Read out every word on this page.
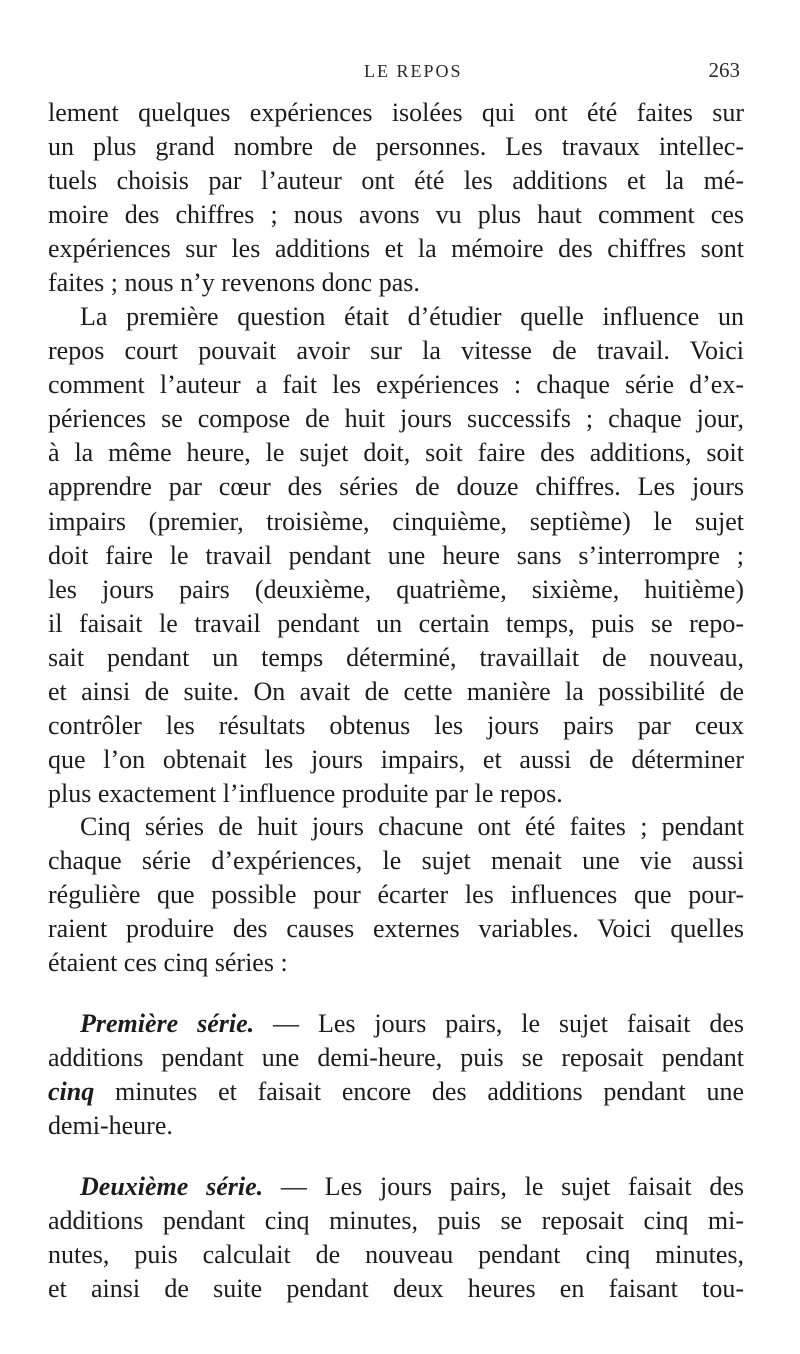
LE REPOS	263
lement quelques expériences isolées qui ont été faites sur
un plus grand nombre de personnes. Les travaux intellec-
tuels choisis par l’auteur ont été les additions et la mé-
moire des chiffres ; nous avons vu plus haut comment ces
expériences sur les additions et la mémoire des chiffres sont
faites ; nous n’y revenons donc pas.
La première question était d’étudier quelle influence un
repos court pouvait avoir sur la vitesse de travail. Voici
comment l’auteur a fait les expériences : chaque série d’ex-
périences se compose de huit jours successifs ; chaque jour,
à la même heure, le sujet doit, soit faire des additions, soit
apprendre par cœur des séries de douze chiffres. Les jours
impairs (premier, troisième, cinquième, septième) le sujet
doit faire le travail pendant une heure sans s’interrompre ;
les jours pairs (deuxième, quatrième, sixième, huitième)
il faisait le travail pendant un certain temps, puis se repo-
sait pendant un temps déterminé, travaillait de nouveau,
et ainsi de suite. On avait de cette manière la possibilité de
contrôler les résultats obtenus les jours pairs par ceux
que l’on obtenait les jours impairs, et aussi de déterminer
plus exactement l’influence produite par le repos.
Cinq séries de huit jours chacune ont été faites ; pendant
chaque série d’expériences, le sujet menait une vie aussi
régulière que possible pour écarter les influences que pour-
raient produire des causes externes variables. Voici quelles
étaient ces cinq séries :
Première série. — Les jours pairs, le sujet faisait des
additions pendant une demi-heure, puis se reposait pendant
cinq minutes et faisait encore des additions pendant une
demi-heure.
Deuxième série. — Les jours pairs, le sujet faisait des
additions pendant cinq minutes, puis se reposait cinq mi-
nutes, puis calculait de nouveau pendant cinq minutes,
et ainsi de suite pendant deux heures en faisant tou-
